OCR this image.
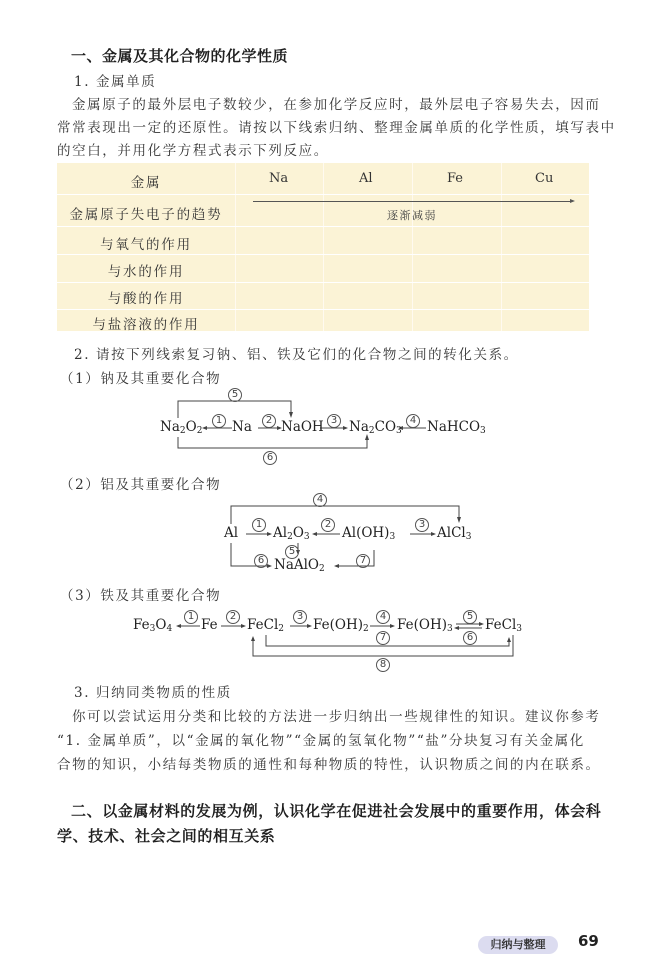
一、金属及其化合物的化学性质
1. 金属单质
金属原子的最外层电子数较少，在参加化学反应时，最外层电子容易失去，因而
常常表现出一定的还原性。请按以下线索归纳、整理金属单质的化学性质，填写表中
的空白，并用化学方程式表示下列反应。
金属	Na	Al	Fe	Cu
金属原子失电子的趋势	逐渐减弱
与氧气的作用
与水的作用
与酸的作用
与盐溶液的作用
2. 请按下列线索复习钠、铝、铁及它们的化合物之间的转化关系。
（1）钠及其重要化合物
$Na_2O_2$ Na NaOH $Na_2CO_3$ NaHCO$_3$
1	2	3	4
5
6
（2）铝及其重要化合物
Al	$Al_2O_3$ $Al(OH)_3$	AlCl$_3$
NaAlO$_2$
1	2	3
4
5
6	7
（3）铁及其重要化合物
$Fe_3O_4$ Fe FeCl$_2$ $Fe(OH)_2$ $Fe(OH)_3$ FeCl$_3$
1	2	3	4	5
6
7
8
3. 归纳同类物质的性质
你可以尝试运用分类和比较的方法进一步归纳出一些规律性的知识。建议你参考
“1. 金属单质”，以“金属的氧化物”“金属的氢氧化物”“盐”分块复习有关金属化
合物的知识，小结每类物质的通性和每种物质的特性，认识物质之间的内在联系。
二、以金属材料的发展为例，认识化学在促进社会发展中的重要作用，体会科
学、技术、社会之间的相互关系
归纳与整理	69
